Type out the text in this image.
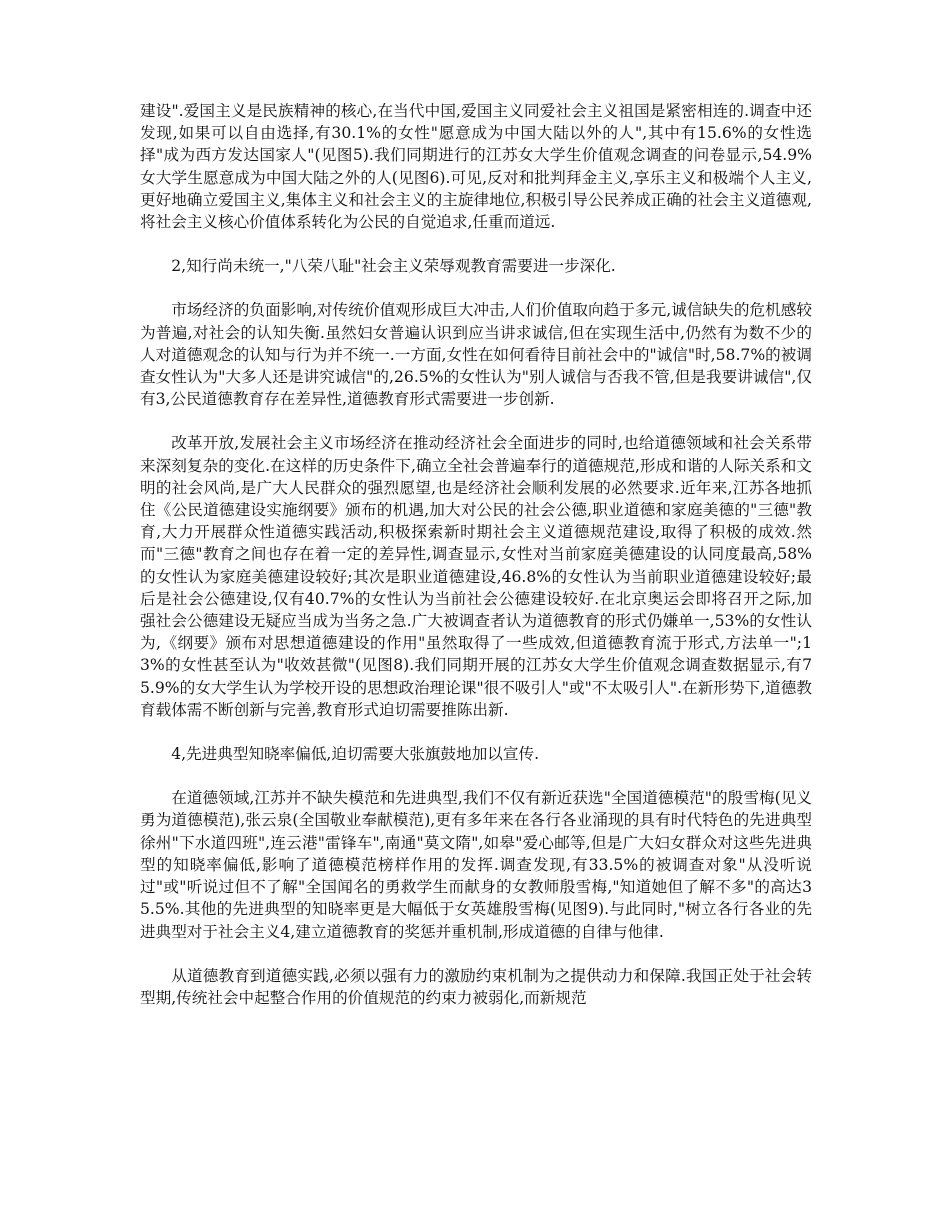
建设".爱国主义是民族精神的核心,在当代中国,爱国主义同爱社会主义祖国是紧密相连的.调查中还发现,如果可以自由选择,有30.1%的女性"愿意成为中国大陆以外的人",其中有15.6%的女性选择"成为西方发达国家人"(见图5).我们同期进行的江苏女大学生价值观念调查的问卷显示,54.9%女大学生愿意成为中国大陆之外的人(见图6).可见,反对和批判拜金主义,享乐主义和极端个人主义,更好地确立爱国主义,集体主义和社会主义的主旋律地位,积极引导公民养成正确的社会主义道德观,将社会主义核心价值体系转化为公民的自觉追求,任重而道远.

2,知行尚未统一,"八荣八耻"社会主义荣辱观教育需要进一步深化.

市场经济的负面影响,对传统价值观形成巨大冲击,人们价值取向趋于多元,诚信缺失的危机感较为普遍,对社会的认知失衡.虽然妇女普遍认识到应当讲求诚信,但在实现生活中,仍然有为数不少的人对道德观念的认知与行为并不统一.一方面,女性在如何看待目前社会中的"诚信"时,58.7%的被调查女性认为"大多人还是讲究诚信"的,26.5%的女性认为"别人诚信与否我不管,但是我要讲诚信",仅有3,公民道德教育存在差异性,道德教育形式需要进一步创新.

改革开放,发展社会主义市场经济在推动经济社会全面进步的同时,也给道德领域和社会关系带来深刻复杂的变化.在这样的历史条件下,确立全社会普遍奉行的道德规范,形成和谐的人际关系和文明的社会风尚,是广大人民群众的强烈愿望,也是经济社会顺利发展的必然要求.近年来,江苏各地抓住《公民道德建设实施纲要》颁布的机遇,加大对公民的社会公德,职业道德和家庭美德的"三德"教育,大力开展群众性道德实践活动,积极探索新时期社会主义道德规范建设,取得了积极的成效.然而"三德"教育之间也存在着一定的差异性,调查显示,女性对当前家庭美德建设的认同度最高,58%的女性认为家庭美德建设较好;其次是职业道德建设,46.8%的女性认为当前职业道德建设较好;最后是社会公德建设,仅有40.7%的女性认为当前社会公德建设较好.在北京奥运会即将召开之际,加强社会公德建设无疑应当成为当务之急.广大被调查者认为道德教育的形式仍嫌单一,53%的女性认为,《纲要》颁布对思想道德建设的作用"虽然取得了一些成效,但道德教育流于形式,方法单一";13%的女性甚至认为"收效甚微"(见图8).我们同期开展的江苏女大学生价值观念调查数据显示,有75.9%的女大学生认为学校开设的思想政治理论课"很不吸引人"或"不太吸引人".在新形势下,道德教育载体需不断创新与完善,教育形式迫切需要推陈出新.

4,先进典型知晓率偏低,迫切需要大张旗鼓地加以宣传.

在道德领域,江苏并不缺失模范和先进典型,我们不仅有新近获选"全国道德模范"的殷雪梅(见义勇为道德模范),张云泉(全国敬业奉献模范),更有多年来在各行各业涌现的具有时代特色的先进典型徐州"下水道四班",连云港"雷锋车",南通"莫文隋",如皋"爱心邮等,但是广大妇女群众对这些先进典型的知晓率偏低,影响了道德模范榜样作用的发挥.调查发现,有33.5%的被调查对象"从没听说过"或"听说过但不了解"全国闻名的勇救学生而献身的女教师殷雪梅,"知道她但了解不多"的高达35.5%.其他的先进典型的知晓率更是大幅低于女英雄殷雪梅(见图9).与此同时,"树立各行各业的先进典型对于社会主义4,建立道德教育的奖惩并重机制,形成道德的自律与他律.

从道德教育到道德实践,必须以强有力的激励约束机制为之提供动力和保障.我国正处于社会转型期,传统社会中起整合作用的价值规范的约束力被弱化,而新规范
